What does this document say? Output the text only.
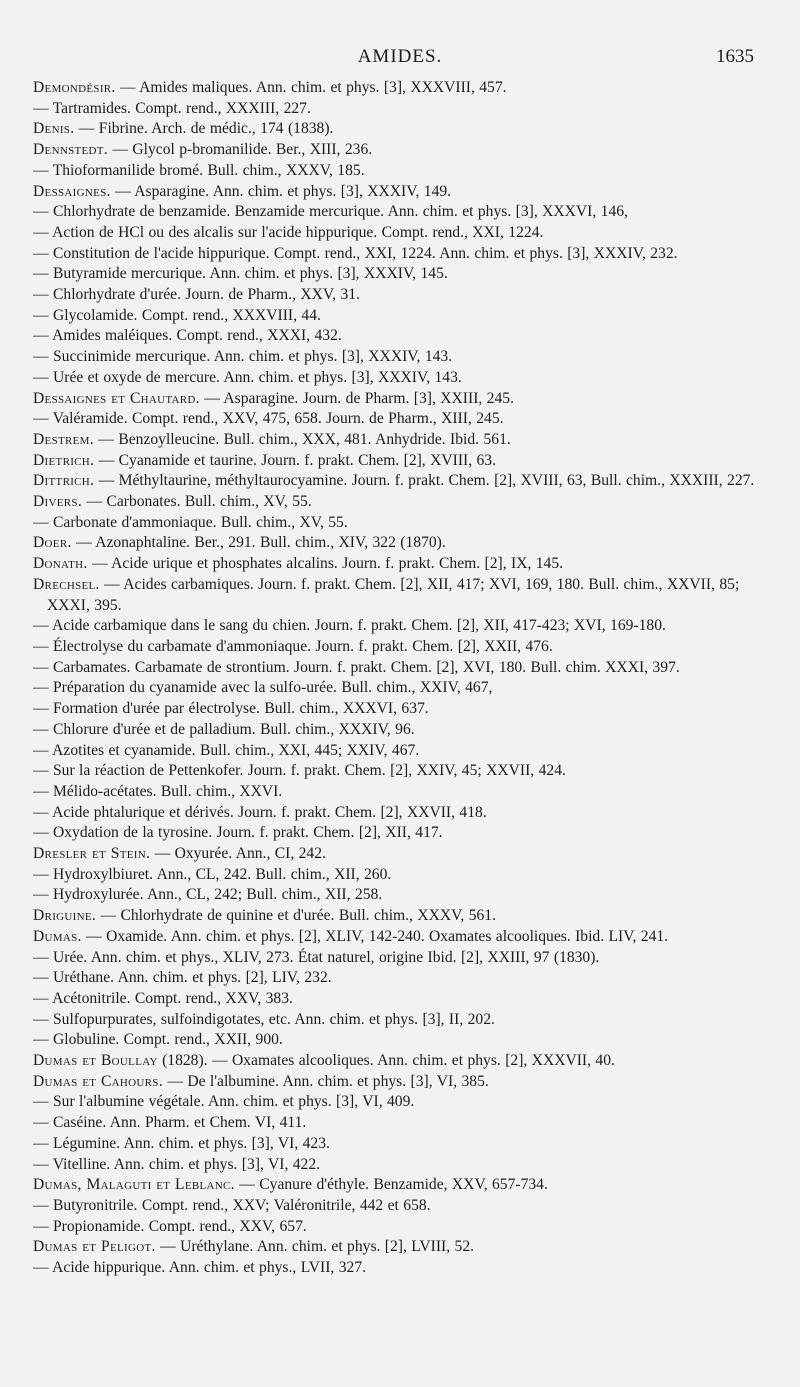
AMIDES.	1635
Demondésir. — Amides maliques. Ann. chim. et phys. [3], XXXVIII, 457.
— Tartramides. Compt. rend., XXXIII, 227.
Denis. — Fibrine. Arch. de médic., 174 (1838).
Dennstedt. — Glycol p-bromanilide. Ber., XIII, 236.
— Thioformanilide bromé. Bull. chim., XXXV, 185.
Dessaignes. — Asparagine. Ann. chim. et phys. [3], XXXIV, 149.
— Chlorhydrate de benzamide. Benzamide mercurique. Ann. chim. et phys. [3], XXXVI, 146,
— Action de HCl ou des alcalis sur l'acide hippurique. Compt. rend., XXI, 1224.
— Constitution de l'acide hippurique. Compt. rend., XXI, 1224. Ann. chim. et phys. [3], XXXIV, 232.
— Butyramide mercurique. Ann. chim. et phys. [3], XXXIV, 145.
— Chlorhydrate d'urée. Journ. de Pharm., XXV, 31.
— Glycolamide. Compt. rend., XXXVIII, 44.
— Amides maléiques. Compt. rend., XXXI, 432.
— Succinimide mercurique. Ann. chim. et phys. [3], XXXIV, 143.
— Urée et oxyde de mercure. Ann. chim. et phys. [3], XXXIV, 143.
Dessaignes et Chautard. — Asparagine. Journ. de Pharm. [3], XXIII, 245.
— Valéramide. Compt. rend., XXV, 475, 658. Journ. de Pharm., XIII, 245.
Destrem. — Benzoylleucine. Bull. chim., XXX, 481. Anhydride. Ibid. 561.
Dietrich. — Cyanamide et taurine. Journ. f. prakt. Chem. [2], XVIII, 63.
Dittrich. — Méthyltaurine, méthyltaurocyamine. Journ. f. prakt. Chem. [2], XVIII, 63, Bull. chim., XXXIII, 227.
Divers. — Carbonates. Bull. chim., XV, 55.
— Carbonate d'ammoniaque. Bull. chim., XV, 55.
Doer. — Azonaphtaline. Ber., 291. Bull. chim., XIV, 322 (1870).
Donath. — Acide urique et phosphates alcalins. Journ. f. prakt. Chem. [2], IX, 145.
Drechsel. — Acides carbamiques. Journ. f. prakt. Chem. [2], XII, 417; XVI, 169, 180. Bull. chim., XXVII, 85; XXXI, 395.
— Acide carbamique dans le sang du chien. Journ. f. prakt. Chem. [2], XII, 417-423; XVI, 169-180.
— Électrolyse du carbamate d'ammoniaque. Journ. f. prakt. Chem. [2], XXII, 476.
— Carbamates. Carbamate de strontium. Journ. f. prakt. Chem. [2], XVI, 180. Bull. chim. XXXI, 397.
— Préparation du cyanamide avec la sulfo-urée. Bull. chim., XXIV, 467,
— Formation d'urée par électrolyse. Bull. chim., XXXVI, 637.
— Chlorure d'urée et de palladium. Bull. chim., XXXIV, 96.
— Azotites et cyanamide. Bull. chim., XXI, 445; XXIV, 467.
— Sur la réaction de Pettenkofer. Journ. f. prakt. Chem. [2], XXIV, 45; XXVII, 424.
— Mélido-acétates. Bull. chim., XXVI.
— Acide phtalurique et dérivés. Journ. f. prakt. Chem. [2], XXVII, 418.
— Oxydation de la tyrosine. Journ. f. prakt. Chem. [2], XII, 417.
Dresler et Stein. — Oxyurée. Ann., CI, 242.
— Hydroxylbiuret. Ann., CL, 242. Bull. chim., XII, 260.
— Hydroxylurée. Ann., CL, 242; Bull. chim., XII, 258.
Driguine. — Chlorhydrate de quinine et d'urée. Bull. chim., XXXV, 561.
Dumas. — Oxamide. Ann. chim. et phys. [2], XLIV, 142-240. Oxamates alcooliques. Ibid. LIV, 241.
— Urée. Ann. chim. et phys., XLIV, 273. État naturel, origine Ibid. [2], XXIII, 97 (1830).
— Uréthane. Ann. chim. et phys. [2], LIV, 232.
— Acétonitrile. Compt. rend., XXV, 383.
— Sulfopurpurates, sulfoindigotates, etc. Ann. chim. et phys. [3], II, 202.
— Globuline. Compt. rend., XXII, 900.
Dumas et Boullay (1828). — Oxamates alcooliques. Ann. chim. et phys. [2], XXXVII, 40.
Dumas et Cahours. — De l'albumine. Ann. chim. et phys. [3], VI, 385.
— Sur l'albumine végétale. Ann. chim. et phys. [3], VI, 409.
— Caséine. Ann. Pharm. et Chem. VI, 411.
— Légumine. Ann. chim. et phys. [3], VI, 423.
— Vitelline. Ann. chim. et phys. [3], VI, 422.
Dumas, Malaguti et Leblanc. — Cyanure d'éthyle. Benzamide, XXV, 657-734.
— Butyronitrile. Compt. rend., XXV; Valéronitrile, 442 et 658.
— Propionamide. Compt. rend., XXV, 657.
Dumas et Peligot. — Uréthylane. Ann. chim. et phys. [2], LVIII, 52.
— Acide hippurique. Ann. chim. et phys., LVII, 327.
